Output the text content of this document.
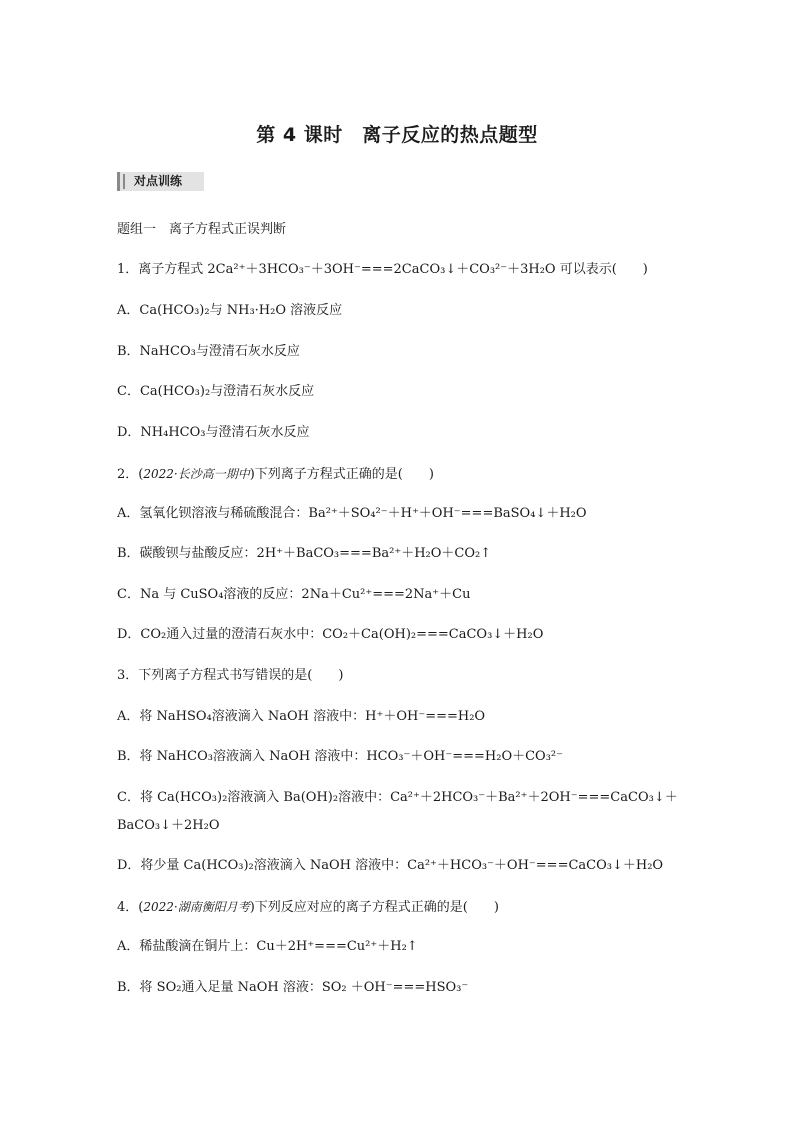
第 4 课时　离子反应的热点题型
对点训练
题组一　离子方程式正误判断
1．离子方程式 2Ca²⁺＋3HCO₃⁻＋3OH⁻===2CaCO₃↓＋CO₃²⁻＋3H₂O 可以表示(　　)
A．Ca(HCO₃)₂与 NH₃·H₂O 溶液反应
B．NaHCO₃与澄清石灰水反应
C．Ca(HCO₃)₂与澄清石灰水反应
D．NH₄HCO₃与澄清石灰水反应
2．(2022·长沙高一期中)下列离子方程式正确的是(　　)
A．氢氧化钡溶液与稀硫酸混合：Ba²⁺＋SO₄²⁻＋H⁺＋OH⁻===BaSO₄↓＋H₂O
B．碳酸钡与盐酸反应：2H⁺＋BaCO₃===Ba²⁺＋H₂O＋CO₂↑
C．Na 与 CuSO₄溶液的反应：2Na＋Cu²⁺===2Na⁺＋Cu
D．CO₂通入过量的澄清石灰水中：CO₂＋Ca(OH)₂===CaCO₃↓＋H₂O
3．下列离子方程式书写错误的是(　　)
A．将 NaHSO₄溶液滴入 NaOH 溶液中：H⁺＋OH⁻===H₂O
B．将 NaHCO₃溶液滴入 NaOH 溶液中：HCO₃⁻＋OH⁻===H₂O＋CO₃²⁻
C．将 Ca(HCO₃)₂溶液滴入 Ba(OH)₂溶液中：Ca²⁺＋2HCO₃⁻＋Ba²⁺＋2OH⁻===CaCO₃↓＋
BaCO₃↓＋2H₂O
D．将少量 Ca(HCO₃)₂溶液滴入 NaOH 溶液中：Ca²⁺＋HCO₃⁻＋OH⁻===CaCO₃↓＋H₂O
4．(2022·湖南衡阳月考)下列反应对应的离子方程式正确的是(　　)
A．稀盐酸滴在铜片上：Cu＋2H⁺===Cu²⁺＋H₂↑
B．将 SO₂通入足量 NaOH 溶液：SO₂ ＋OH⁻===HSO₃⁻
